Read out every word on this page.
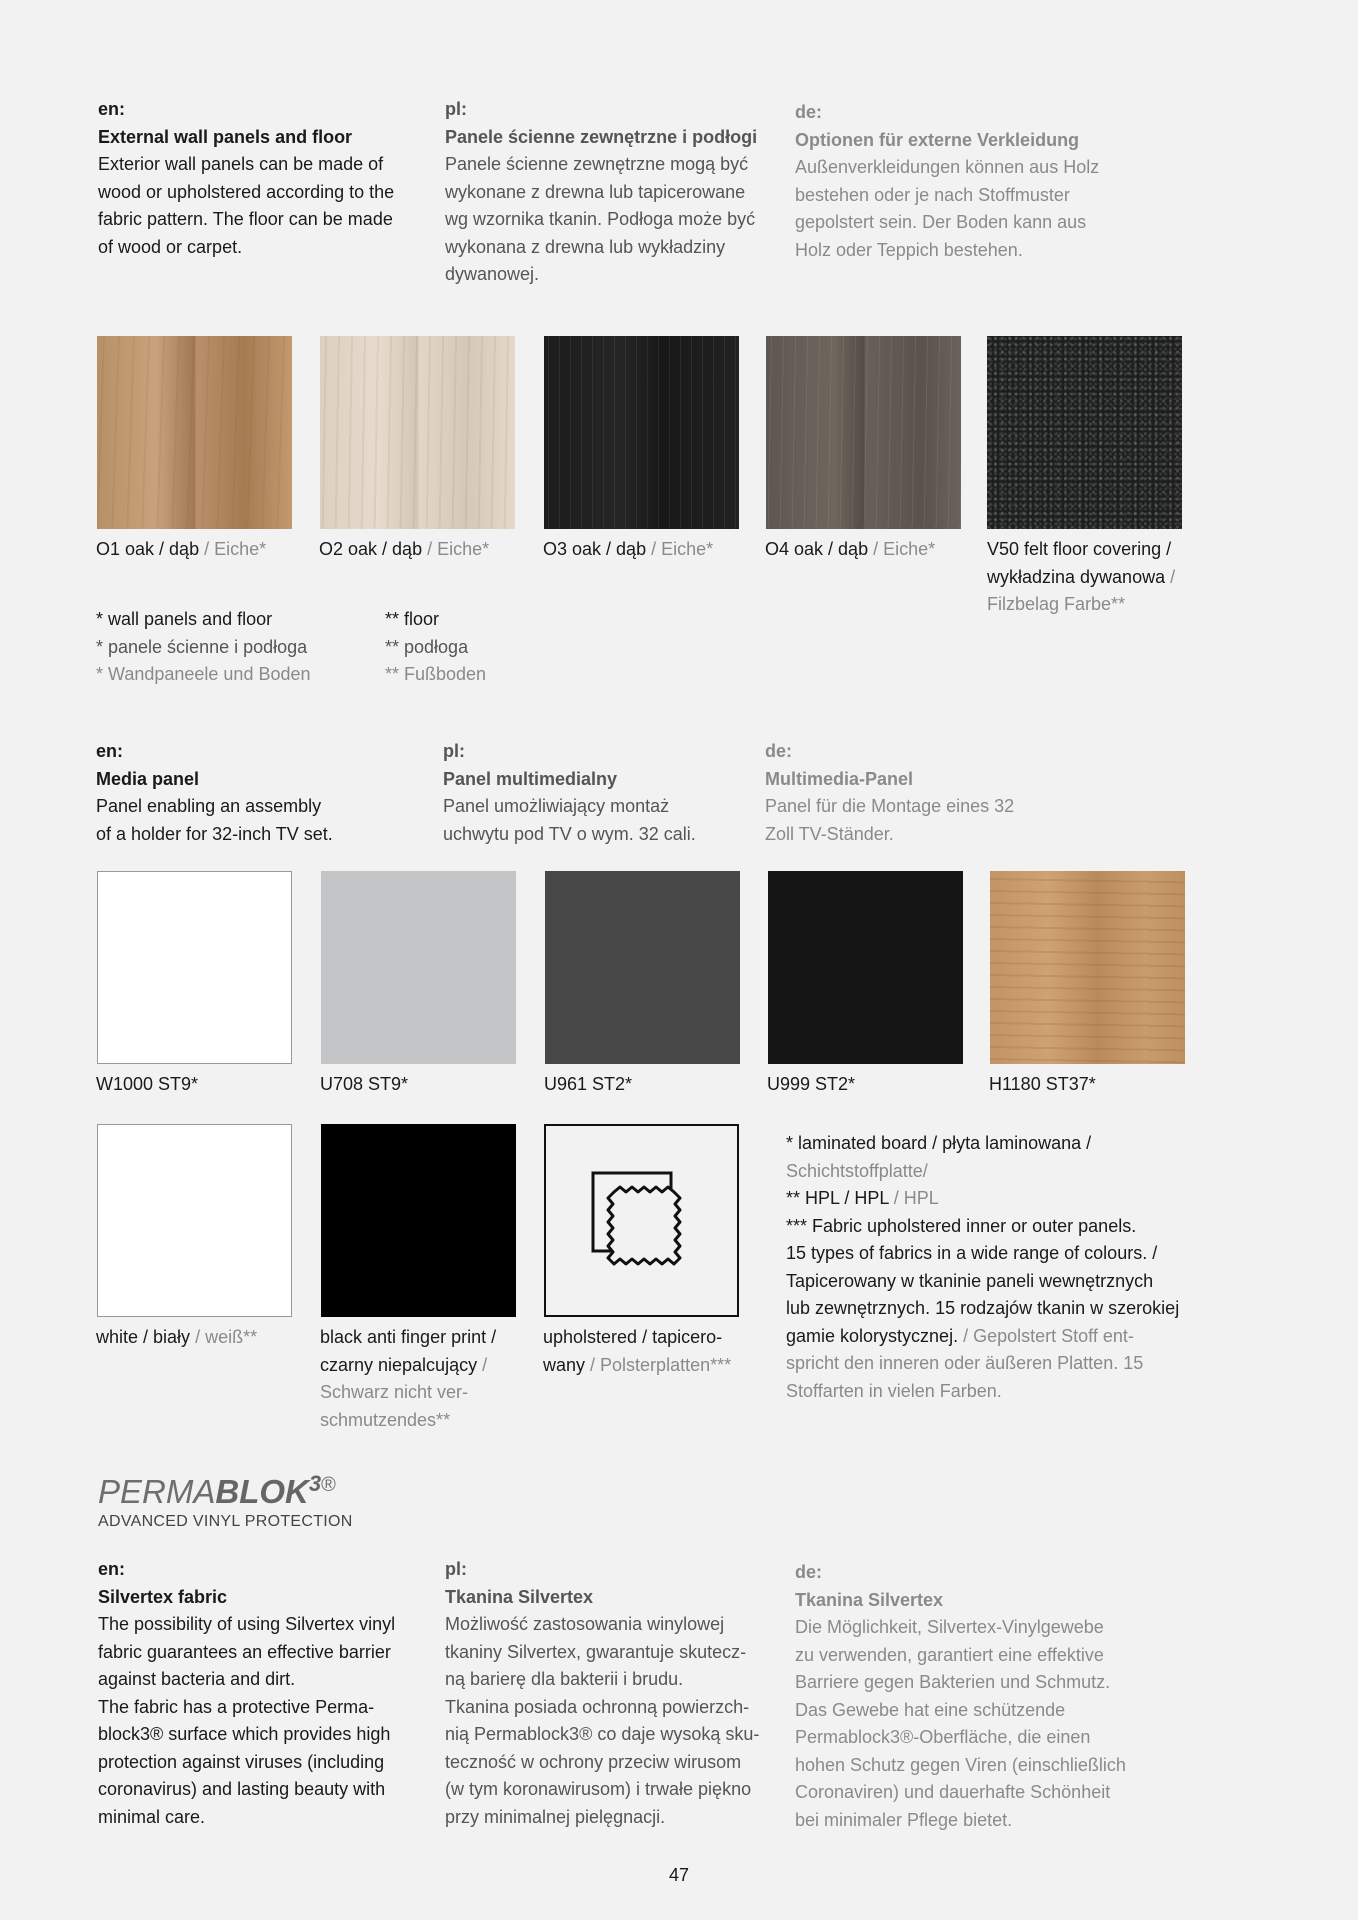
en:

External wall panels and floor

Exterior wall panels can be made of

wood or upholstered according to the

fabric pattern. The floor can be made

of wood or carpet.

pl:

Panele ścienne zewnętrzne i podłogi

Panele ścienne zewnętrzne mogą być

wykonane z drewna lub tapicerowane

wg wzornika tkanin. Podłoga może być

wykonana z drewna lub wykładziny

dywanowej.

de:

Optionen für externe Verkleidung

Außenverkleidungen können aus Holz

bestehen oder je nach Stoffmuster

gepolstert sein. Der Boden kann aus

Holz oder Teppich bestehen.

O1 oak / dąb / Eiche*	O2 oak / dąb / Eiche*	O3 oak / dąb / Eiche*	O4 oak / dąb / Eiche*	V50 felt floor covering /
wykładzina dywanowa /
Filzbelag Farbe**
* wall panels and floor
* panele ścienne i podłoga
* Wandpaneele und Boden
** floor
** podłoga
** Fußboden

en:

Media panel

Panel enabling an assembly

of a holder for 32-inch TV set.

pl:

Panel multimedialny

Panel umożliwiający montaż

uchwytu pod TV o wym. 32 cali.

de:

Multimedia-Panel

Panel für die Montage eines 32

Zoll TV-Ständer.

W1000 ST9*	U708 ST9*	U961 ST2*	U999 ST2*	H1180 ST37*
white / biały / weiß**	black anti finger print /
czarny niepalcujący /
Schwarz nicht ver-
schmutzendes**
upholstered / tapicero-
wany / Polsterplatten***
* laminated board / płyta laminowana /
Schichtstoffplatte/
** HPL / HPL / HPL
*** Fabric upholstered inner or outer panels.
15 types of fabrics in a wide range of colours. /
Tapicerowany w tkaninie paneli wewnętrznych
lub zewnętrznych. 15 rodzajów tkanin w szerokiej
gamie kolorystycznej. / Gepolstert Stoff ent-
spricht den inneren oder äußeren Platten. 15
Stoffarten in vielen Farben.
$PERMABLOK^{3®}$
ADVANCED VINYL PROTECTION

en:

Silvertex fabric

The possibility of using Silvertex vinyl

fabric guarantees an effective barrier

against bacteria and dirt.

The fabric has a protective Perma-

block3® surface which provides high

protection against viruses (including

coronavirus) and lasting beauty with

minimal care.

pl:

Tkanina Silvertex

Możliwość zastosowania winylowej

tkaniny Silvertex, gwarantuje skutecz-

ną barierę dla bakterii i brudu.

Tkanina posiada ochronną powierzch-

nią Permablock3® co daje wysoką sku-

teczność w ochrony przeciw wirusom

(w tym koronawirusom) i trwałe piękno

przy minimalnej pielęgnacji.

de:

Tkanina Silvertex

Die Möglichkeit, Silvertex-Vinylgewebe

zu verwenden, garantiert eine effektive

Barriere gegen Bakterien und Schmutz.

Das Gewebe hat eine schützende

Permablock3®-Oberfläche, die einen

hohen Schutz gegen Viren (einschließlich

Coronaviren) und dauerhafte Schönheit

bei minimaler Pflege bietet.

47
